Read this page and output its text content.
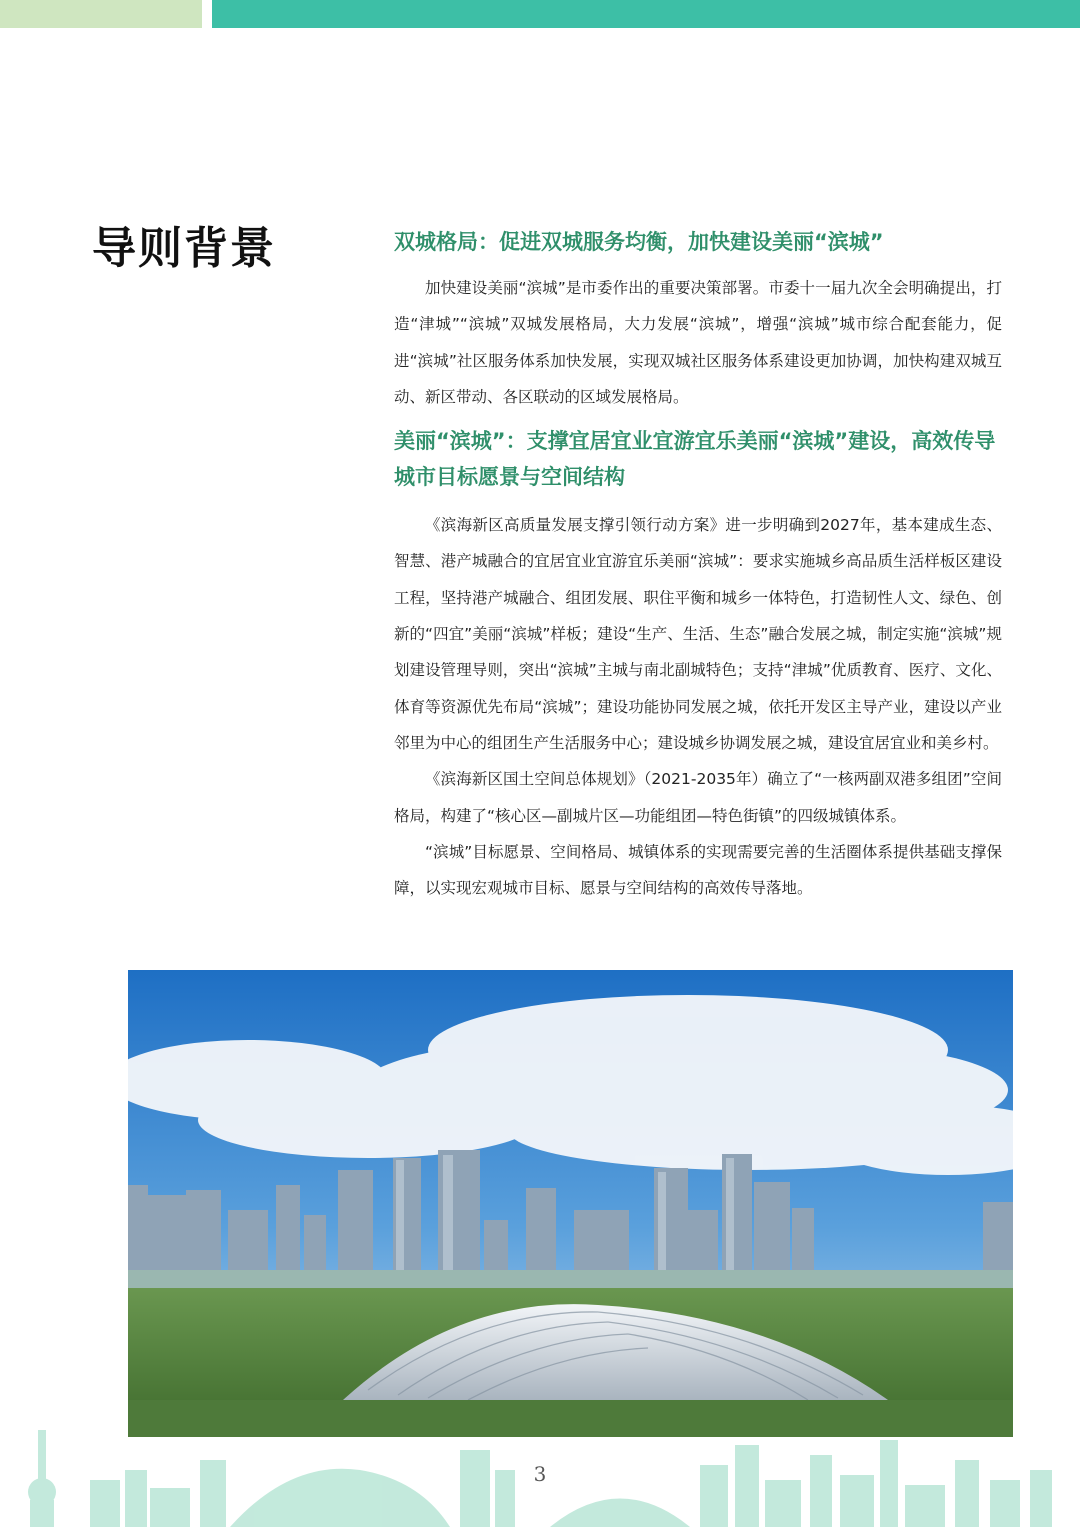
导则背景	双城格局：促进双城服务均衡，加快建设美丽“滨城”

加快建设美丽“滨城”是市委作出的重要决策部署。市委十一届九次全会明确提出，打造“津城”“滨城”双城发展格局，大力发展“滨城”，增强“滨城”城市综合配套能力，促进“滨城”社区服务体系加快发展，实现双城社区服务体系建设更加协调，加快构建双城互动、新区带动、各区联动的区域发展格局。

美丽“滨城”：支撑宜居宜业宜游宜乐美丽“滨城”建设，高效传导城市目标愿景与空间结构

《滨海新区高质量发展支撑引领行动方案》进一步明确到2027年，基本建成生态、智慧、港产城融合的宜居宜业宜游宜乐美丽“滨城”：要求实施城乡高品质生活样板区建设工程，坚持港产城融合、组团发展、职住平衡和城乡一体特色，打造韧性人文、绿色、创新的“四宜”美丽“滨城”样板；建设“生产、生活、生态”融合发展之城，制定实施“滨城”规划建设管理导则，突出“滨城”主城与南北副城特色；支持“津城”优质教育、医疗、文化、体育等资源优先布局“滨城”；建设功能协同发展之城，依托开发区主导产业，建设以产业邻里为中心的组团生产生活服务中心；建设城乡协调发展之城，建设宜居宜业和美乡村。

《滨海新区国土空间总体规划》（2021-2035年）确立了“一核两副双港多组团”空间格局，构建了“核心区—副城片区—功能组团—特色街镇”的四级城镇体系。

“滨城”目标愿景、空间格局、城镇体系的实现需要完善的生活圈体系提供基础支撑保障，以实现宏观城市目标、愿景与空间结构的高效传导落地。

3
